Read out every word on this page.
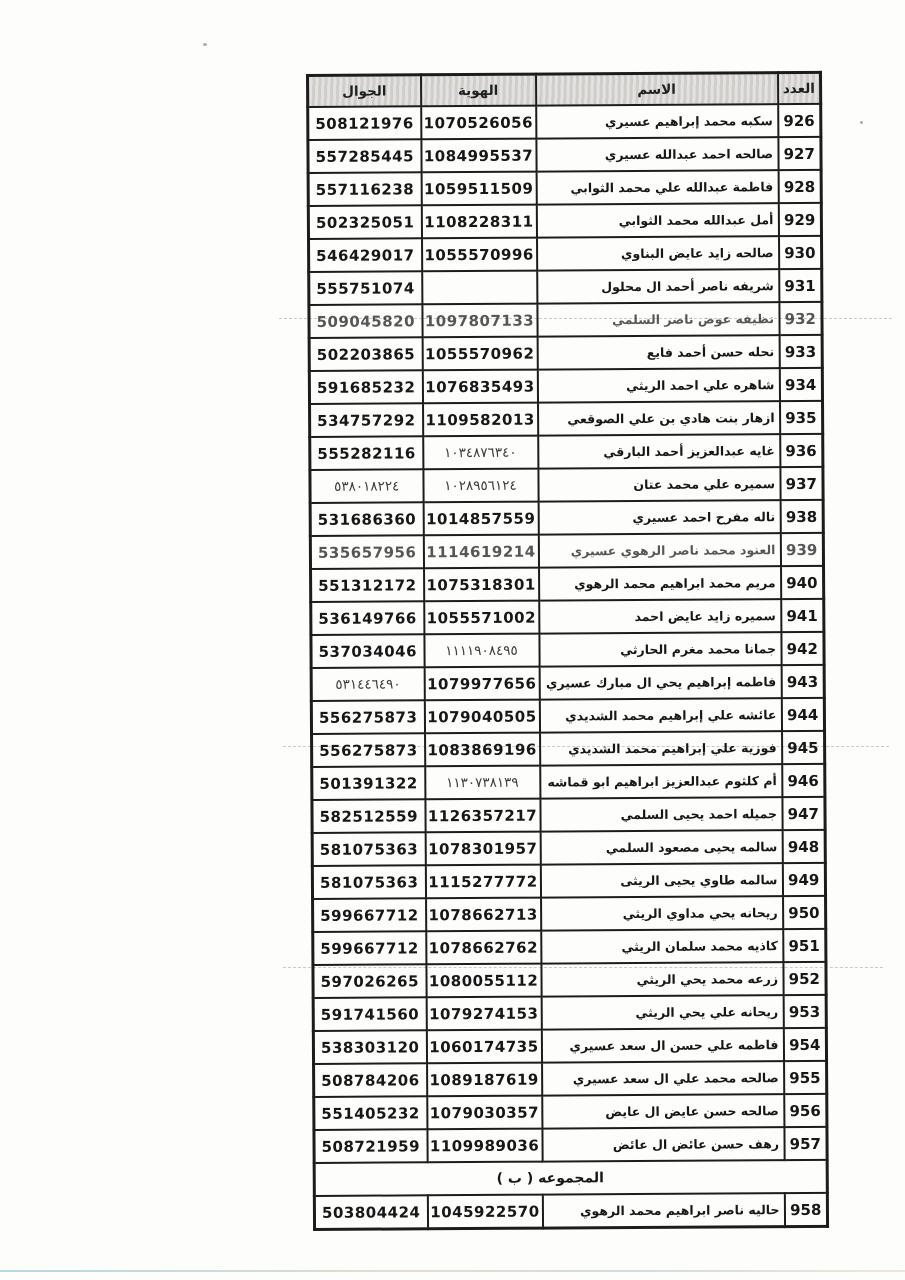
الجوال	الهوية	الاسم	العدد
508121976	1070526056	سكبه محمد إبراهيم عسيري	926
557285445	1084995537	صالحه احمد عبدالله عسيري	927
557116238	1059511509	فاطمة عبدالله علي محمد الثوابي	928
502325051	1108228311	أمل عبدالله محمد الثوابي	929
546429017	1055570996	صالحه زايد عايض البناوي	930
555751074		شريفه ناصر أحمد ال محلول	931
509045820	1097807133	نظيفه عوض ناصر السلمي	932
502203865	1055570962	نحله حسن أحمد فايع	933
591685232	1076835493	شاهره علي احمد الريثي	934
534757292	1109582013	ازهار بنت هادي بن علي الصوقعي	935
555282116	١٠٣٤٨٧٦٣٤٠	غايه عبدالعزيز أحمد البارقي	936
٥٣٨٠١٨٢٢٤	١٠٢٨٩٥٦١٢٤	سميره علي محمد عتان	937
531686360	1014857559	ناله مفرح احمد عسيري	938
535657956	1114619214	العنود محمد ناصر الرهوي عسيري	939
551312172	1075318301	مريم محمد ابراهيم محمد الرهوي	940
536149766	1055571002	سميره زايد عايض احمد	941
537034046	١١١١٩٠٨٤٩٥	جمانا محمد مغرم الحارثي	942
٥٣١٤٤٦٤٩٠	1079977656	فاطمه إبراهيم يحي ال مبارك عسيري	943
556275873	1079040505	عائشه علي إبراهيم محمد الشديدي	944
556275873	1083869196	فوزية علي إبراهيم محمد الشديدي	945
501391322	١١٣٠٧٣٨١٣٩	أم كلثوم عبدالعزيز ابراهيم ابو قماشه	946
582512559	1126357217	جميله احمد يحيى السلمي	947
581075363	1078301957	سالمه يحيى مصعود السلمي	948
581075363	1115277772	سالمه طاوي يحيى الريثى	949
599667712	1078662713	ريحانه يحي مداوي الريثي	950
599667712	1078662762	كاذيه محمد سلمان الريثي	951
597026265	1080055112	زرعه محمد يحي الريثي	952
591741560	1079274153	ريحانه علي يحي الريثي	953
538303120	1060174735	فاطمه علي حسن ال سعد عسيري	954
508784206	1089187619	صالحه محمد علي ال سعد عسيري	955
551405232	1079030357	صالحه حسن عايض ال عايض	956
508721959	1109989036	رهف حسن عائض ال عائض	957
المجموعه ( ب )			
503804424	1045922570	حاليه ناصر ابراهيم محمد الرهوي	958
